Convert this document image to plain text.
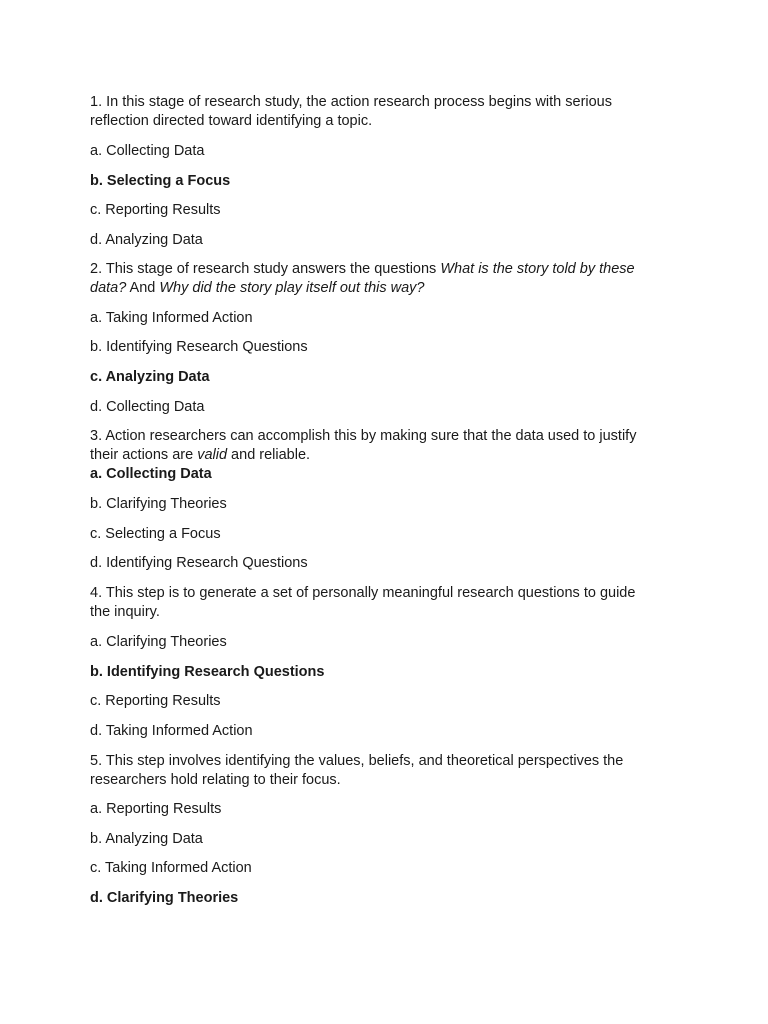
1. In this stage of research study, the action research process begins with serious
reflection directed toward identifying a topic.
a. Collecting Data
b. Selecting a Focus
c. Reporting Results
d. Analyzing Data
2. This stage of research study answers the questions What is the story told by these
data? And Why did the story play itself out this way?
a. Taking Informed Action
b. Identifying Research Questions
c. Analyzing Data
d. Collecting Data
3. Action researchers can accomplish this by making sure that the data used to justify
their actions are valid and reliable.
a. Collecting Data
b. Clarifying Theories
c. Selecting a Focus
d. Identifying Research Questions
4. This step is to generate a set of personally meaningful research questions to guide
the inquiry.
a. Clarifying Theories
b. Identifying Research Questions
c. Reporting Results
d. Taking Informed Action
5. This step involves identifying the values, beliefs, and theoretical perspectives the
researchers hold relating to their focus.
a. Reporting Results
b. Analyzing Data
c. Taking Informed Action
d. Clarifying Theories
